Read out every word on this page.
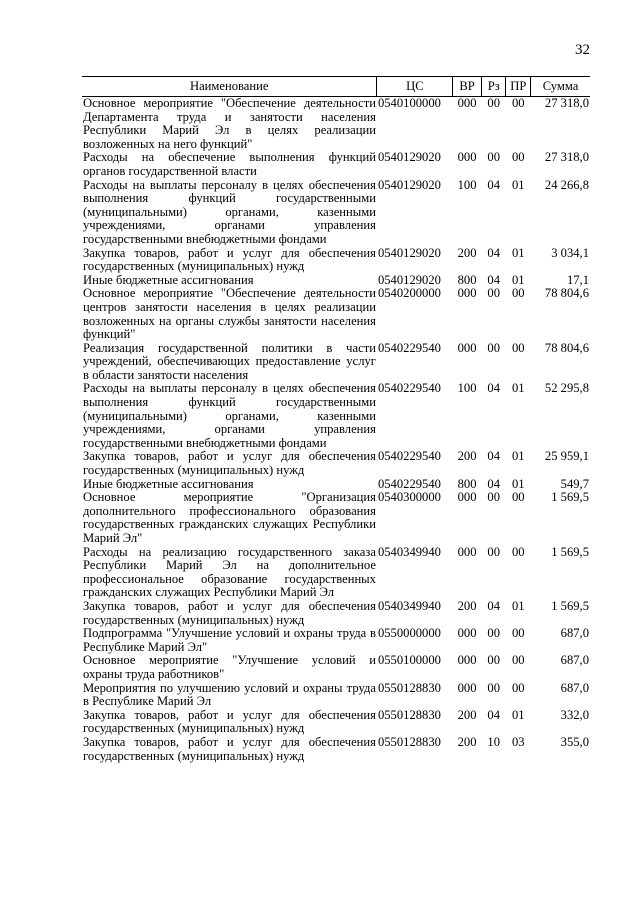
32
Наименование	ЦС	ВР	Рз	ПР	Сумма
Основное мероприятие "Обеспечение деятельности Департамента труда и занятости населения Республики Марий Эл в целях реализации возложенных на него функций"	0540100000	000	00	00	27 318,0
Расходы на обеспечение выполнения функций органов государственной власти	0540129020	000	00	00	27 318,0
Расходы на выплаты персоналу в целях обеспечения выполнения функций государственными (муниципальными) органами, казенными учреждениями, органами управления государственными внебюджетными фондами	0540129020	100	04	01	24 266,8
Закупка товаров, работ и услуг для обеспечения государственных (муниципальных) нужд	0540129020	200	04	01	3 034,1
Иные бюджетные ассигнования	0540129020	800	04	01	17,1
Основное мероприятие "Обеспечение деятельности центров занятости населения в целях реализации возложенных на органы службы занятости населения функций"	0540200000	000	00	00	78 804,6
Реализация государственной политики в части учреждений, обеспечивающих предоставление услуг в области занятости населения	0540229540	000	00	00	78 804,6
Расходы на выплаты персоналу в целях обеспечения выполнения функций государственными (муниципальными) органами, казенными учреждениями, органами управления государственными внебюджетными фондами	0540229540	100	04	01	52 295,8
Закупка товаров, работ и услуг для обеспечения государственных (муниципальных) нужд	0540229540	200	04	01	25 959,1
Иные бюджетные ассигнования	0540229540	800	04	01	549,7
Основное мероприятие "Организация дополнительного профессионального образования государственных гражданских служащих Республики Марий Эл"	0540300000	000	00	00	1 569,5
Расходы на реализацию государственного заказа Республики Марий Эл на дополнительное профессиональное образование государственных гражданских служащих Республики Марий Эл	0540349940	000	00	00	1 569,5
Закупка товаров, работ и услуг для обеспечения государственных (муниципальных) нужд	0540349940	200	04	01	1 569,5
Подпрограмма "Улучшение условий и охраны труда в Республике Марий Эл"	0550000000	000	00	00	687,0
Основное мероприятие "Улучшение условий и охраны труда работников"	0550100000	000	00	00	687,0
Мероприятия по улучшению условий и охраны труда в Республике Марий Эл	0550128830	000	00	00	687,0
Закупка товаров, работ и услуг для обеспечения государственных (муниципальных) нужд	0550128830	200	04	01	332,0
Закупка товаров, работ и услуг для обеспечения государственных (муниципальных) нужд	0550128830	200	10	03	355,0
